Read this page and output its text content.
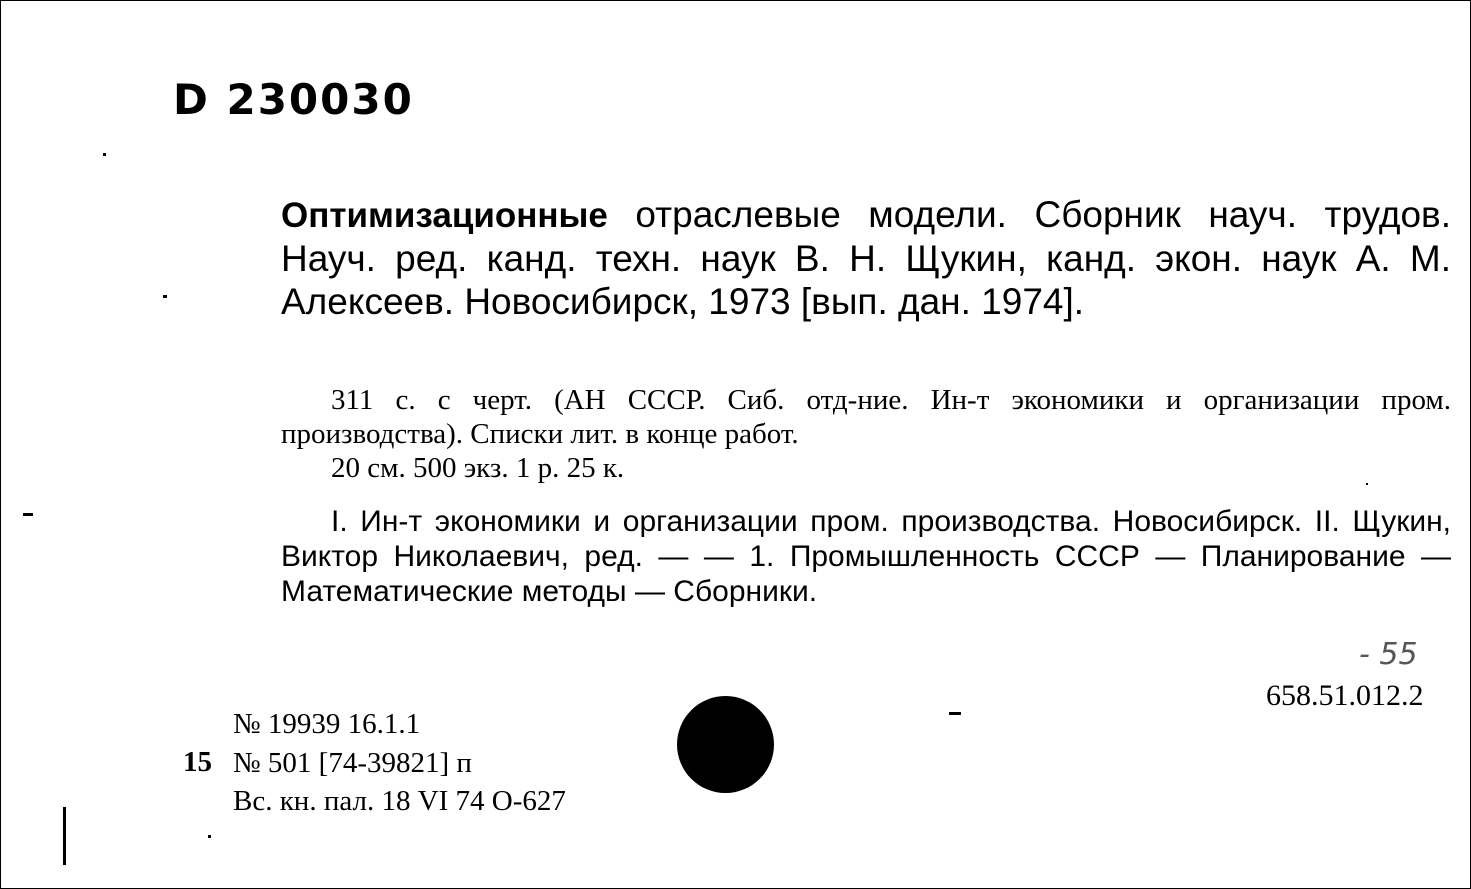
D 230030
Оптимизационные отраслевые модели. Сборник науч. трудов. Науч. ред. канд. техн. наук В. Н. Щукин, канд. экон. наук А. М. Алексеев. Новосибирск, 1973 [вып. дан. 1974].
311 с. с черт. (АН СССР. Сиб. отд-ние. Ин-т экономики и организации пром. производства). Списки лит. в конце работ.
20 см. 500 экз. 1 р. 25 к.
I. Ин-т экономики и организации пром. производства. Новосибирск. II. Щукин, Виктор Николаевич, ред. — — 1. Промышленность СССР — Планирование — Математические методы — Сборники.
- 55
658.51.012.2
№ 19939 16.1.1
15 № 501 [74-39821] п
Вс. кн. пал. 18 VI 74 О-627
